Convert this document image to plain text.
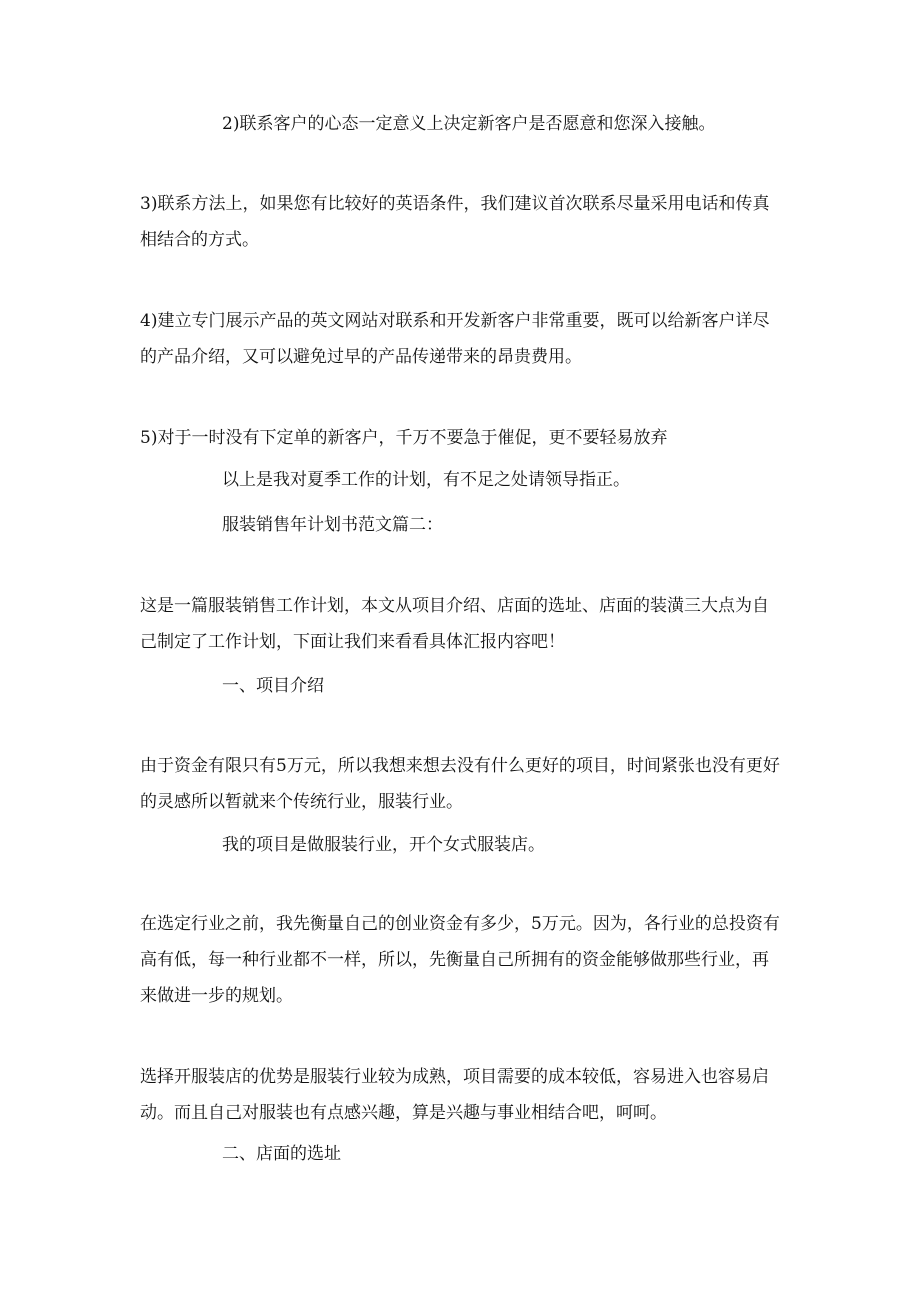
2)联系客户的心态一定意义上决定新客户是否愿意和您深入接触。

3)联系方法上，如果您有比较好的英语条件，我们建议首次联系尽量采用电话和传真相结合的方式。

4)建立专门展示产品的英文网站对联系和开发新客户非常重要，既可以给新客户详尽的产品介绍，又可以避免过早的产品传递带来的昂贵费用。

5)对于一时没有下定单的新客户，千万不要急于催促，更不要轻易放弃

以上是我对夏季工作的计划，有不足之处请领导指正。

服装销售年计划书范文篇二：

这是一篇服装销售工作计划，本文从项目介绍、店面的选址、店面的装潢三大点为自己制定了工作计划，下面让我们来看看具体汇报内容吧！

一、项目介绍

由于资金有限只有5万元，所以我想来想去没有什么更好的项目，时间紧张也没有更好的灵感所以暂就来个传统行业，服装行业。

我的项目是做服装行业，开个女式服装店。

在选定行业之前，我先衡量自己的创业资金有多少，5万元。因为，各行业的总投资有高有低，每一种行业都不一样，所以，先衡量自己所拥有的资金能够做那些行业，再来做进一步的规划。

选择开服装店的优势是服装行业较为成熟，项目需要的成本较低，容易进入也容易启动。而且自己对服装也有点感兴趣，算是兴趣与事业相结合吧，呵呵。

二、店面的选址
